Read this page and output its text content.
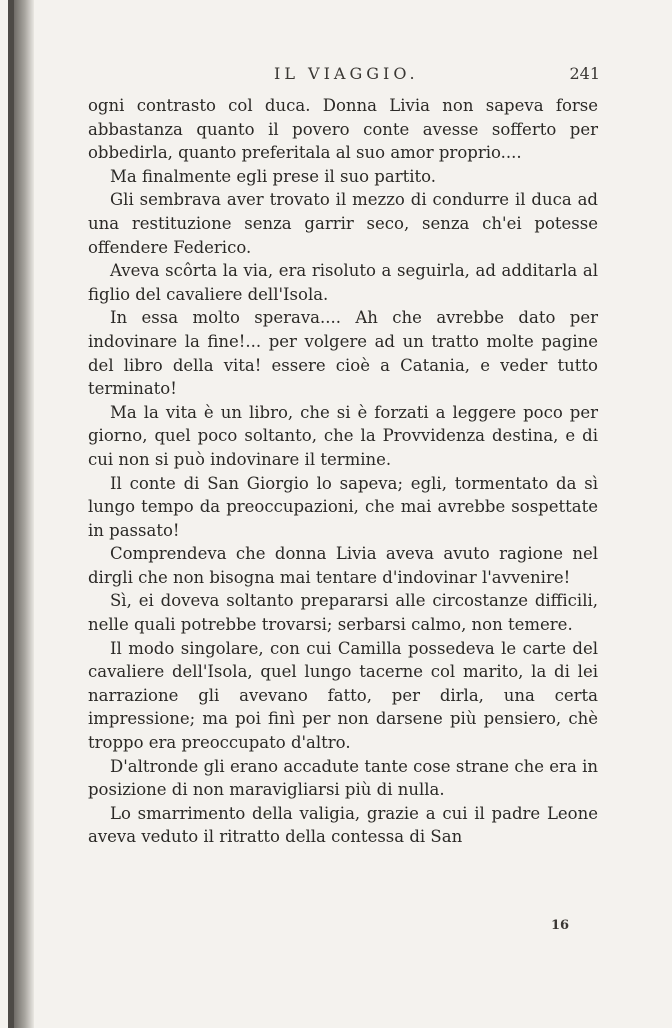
IL VIAGGIO.	241

ogni contrasto col duca. Donna Livia non sapeva forse abbastanza quanto il povero conte avesse sofferto per obbedirla, quanto preferitala al suo amor proprio....

Ma finalmente egli prese il suo partito.

Gli sembrava aver trovato il mezzo di condurre il duca ad una restituzione senza garrir seco, senza ch'ei potesse offendere Federico.

Aveva scôrta la via, era risoluto a seguirla, ad additarla al figlio del cavaliere dell'Isola.

In essa molto sperava.... Ah che avrebbe dato per indovinare la fine!... per volgere ad un tratto molte pagine del libro della vita! essere cioè a Catania, e veder tutto terminato!

Ma la vita è un libro, che si è forzati a leggere poco per giorno, quel poco soltanto, che la Provvidenza destina, e di cui non si può indovinare il termine.

Il conte di San Giorgio lo sapeva; egli, tormentato da sì lungo tempo da preoccupazioni, che mai avrebbe sospettate in passato!

Comprendeva che donna Livia aveva avuto ragione nel dirgli che non bisogna mai tentare d'indovinar l'avvenire!

Sì, ei doveva soltanto prepararsi alle circostanze difficili, nelle quali potrebbe trovarsi; serbarsi calmo, non temere.

Il modo singolare, con cui Camilla possedeva le carte del cavaliere dell'Isola, quel lungo tacerne col marito, la di lei narrazione gli avevano fatto, per dirla, una certa impressione; ma poi finì per non darsene più pensiero, chè troppo era preoccupato d'altro.

D'altronde gli erano accadute tante cose strane che era in posizione di non maravigliarsi più di nulla.

Lo smarrimento della valigia, grazie a cui il padre Leone aveva veduto il ritratto della contessa di San

16
